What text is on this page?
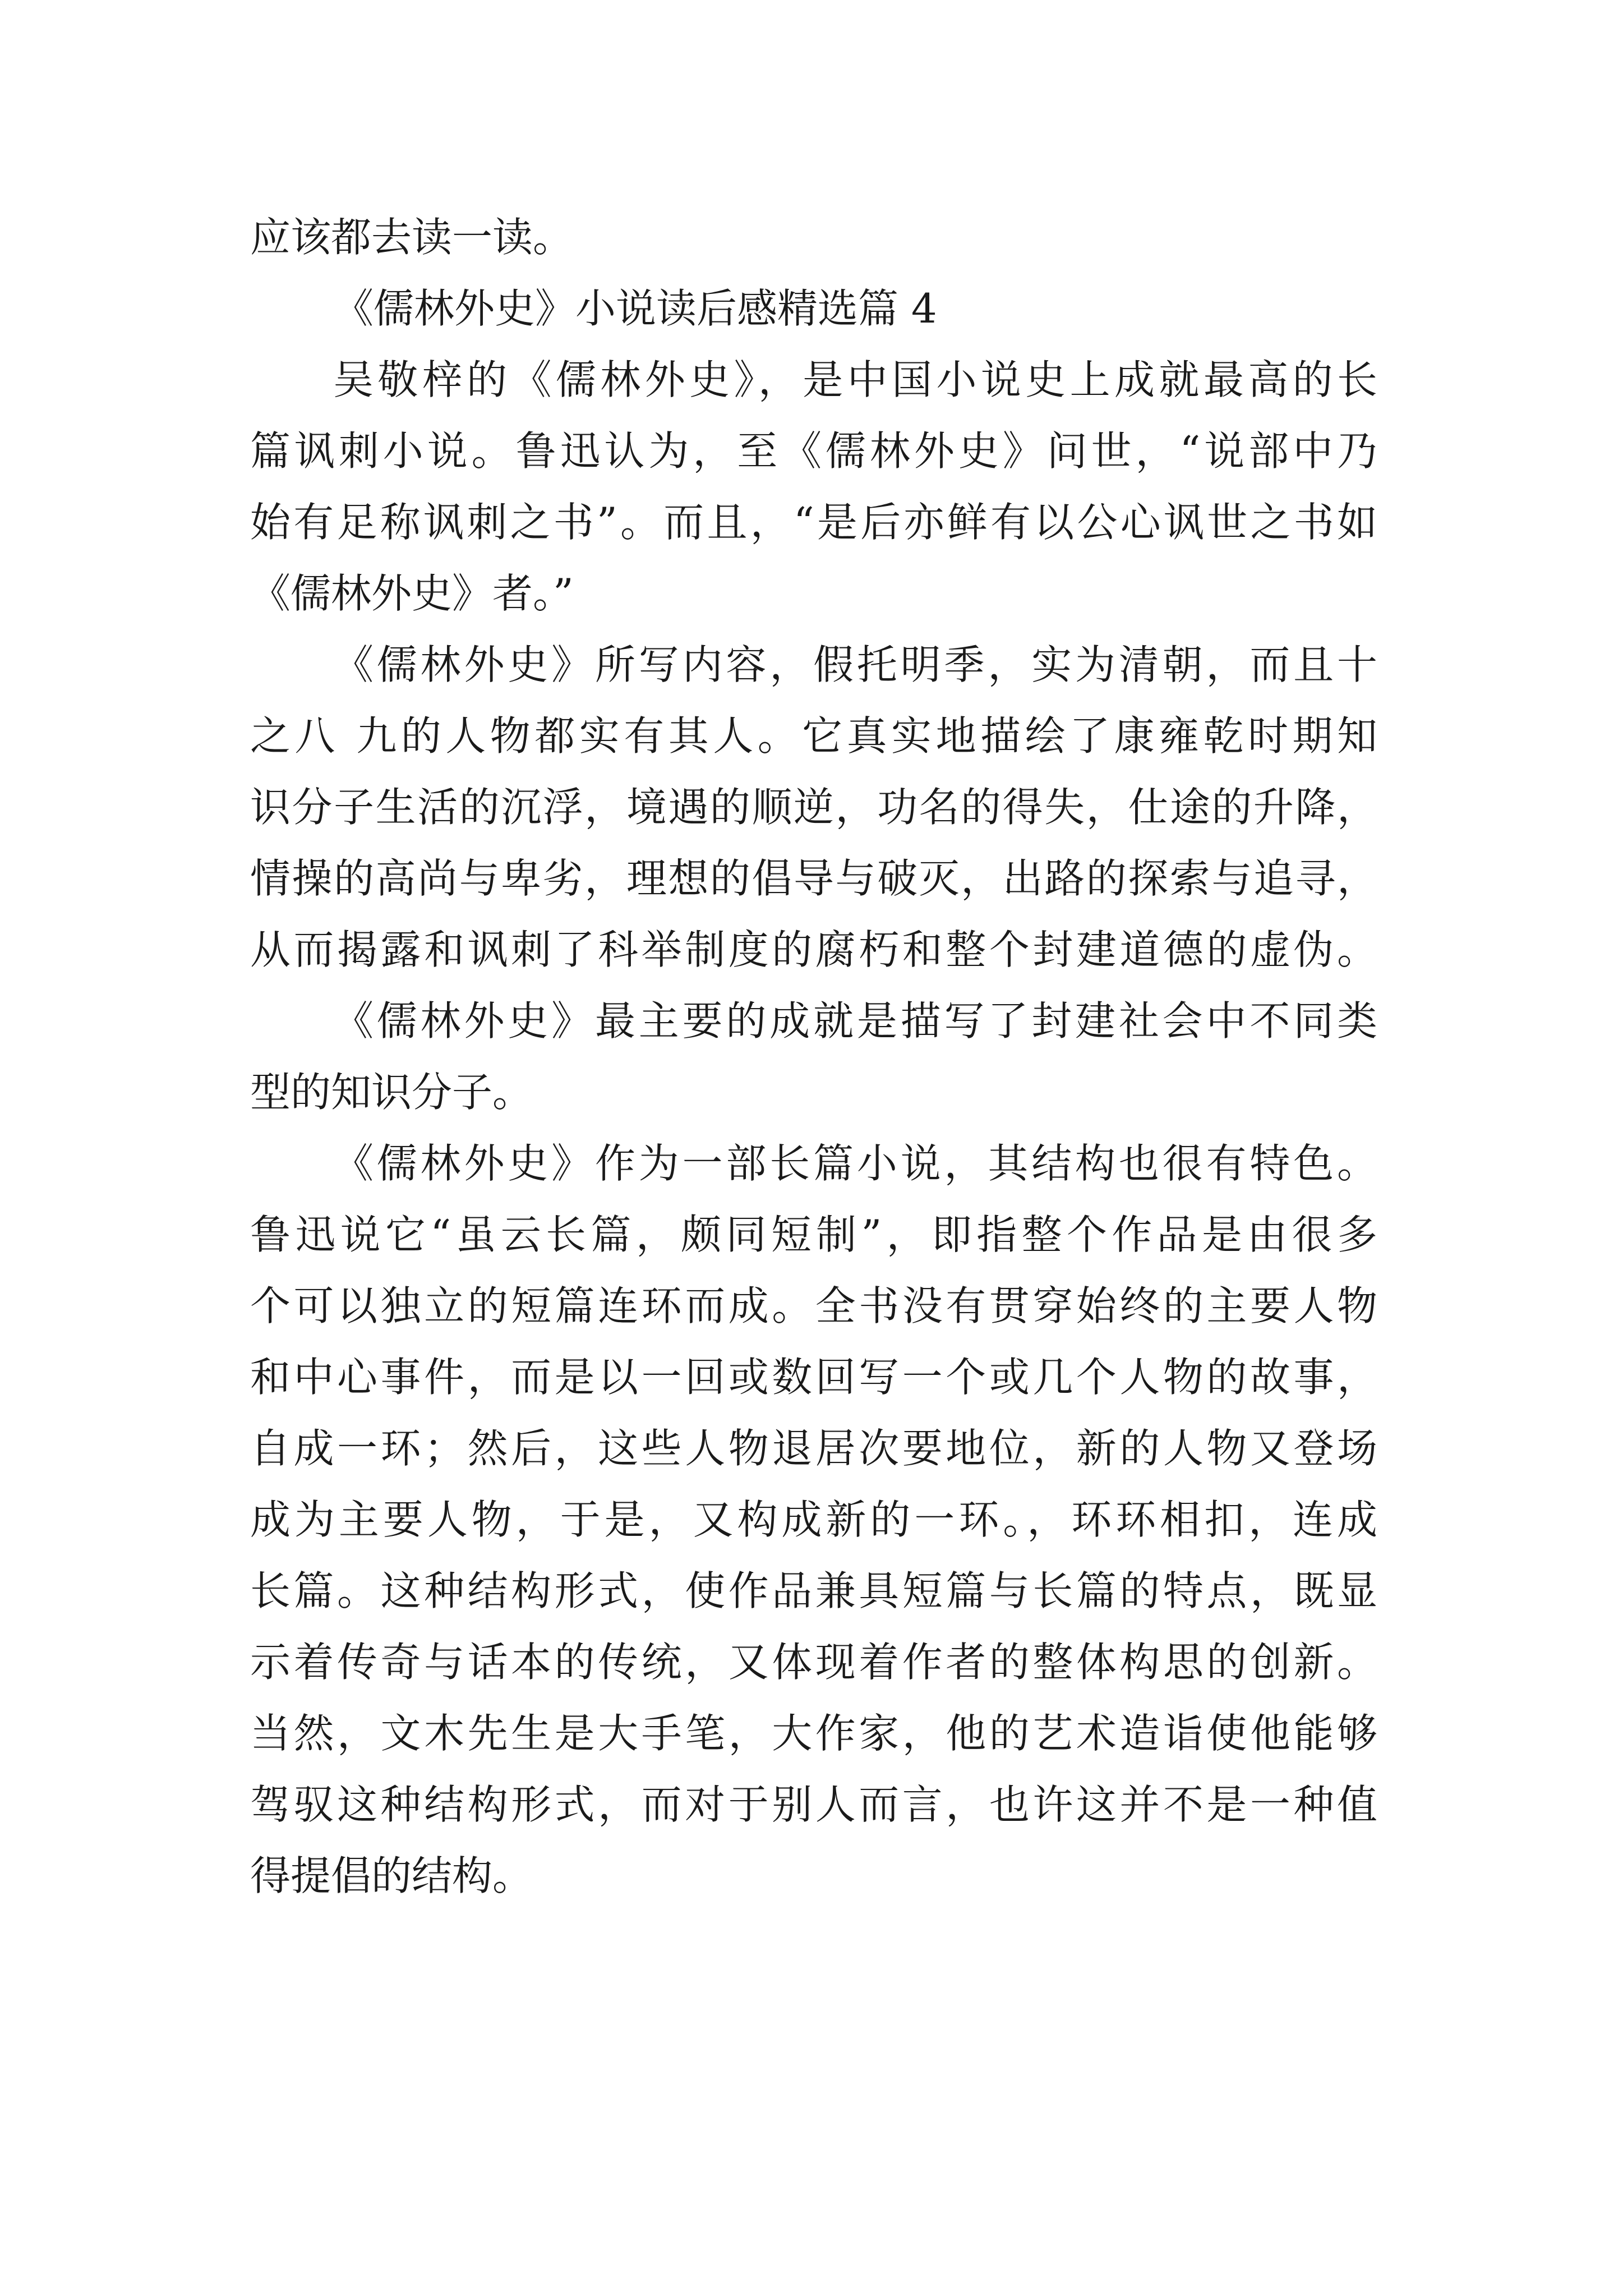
应该都去读一读。
《儒林外史》小说读后感精选篇 4
吴敬梓的《儒林外史》，是中国小说史上成就最高的长
篇讽刺小说。鲁迅认为，至《儒林外史》问世，“说部中乃
始有足称讽刺之书”。而且，“是后亦鲜有以公心讽世之书如
《儒林外史》者。”
《儒林外史》所写内容，假托明季，实为清朝，而且十
之八 九的人物都实有其人。它真实地描绘了康雍乾时期知
识分子生活的沉浮，境遇的顺逆，功名的得失，仕途的升降，
情操的高尚与卑劣，理想的倡导与破灭，出路的探索与追寻，
从而揭露和讽刺了科举制度的腐朽和整个封建道德的虚伪。
《儒林外史》最主要的成就是描写了封建社会中不同类
型的知识分子。
《儒林外史》作为一部长篇小说，其结构也很有特色。
鲁迅说它“虽云长篇，颇同短制”，即指整个作品是由很多
个可以独立的短篇连环而成。全书没有贯穿始终的主要人物
和中心事件，而是以一回或数回写一个或几个人物的故事，
自成一环；然后，这些人物退居次要地位，新的人物又登场
成为主要人物，于是，又构成新的一环。，环环相扣，连成
长篇。这种结构形式，使作品兼具短篇与长篇的特点，既显
示着传奇与话本的传统，又体现着作者的整体构思的创新。
当然，文木先生是大手笔，大作家，他的艺术造诣使他能够
驾驭这种结构形式，而对于别人而言，也许这并不是一种值
得提倡的结构。
